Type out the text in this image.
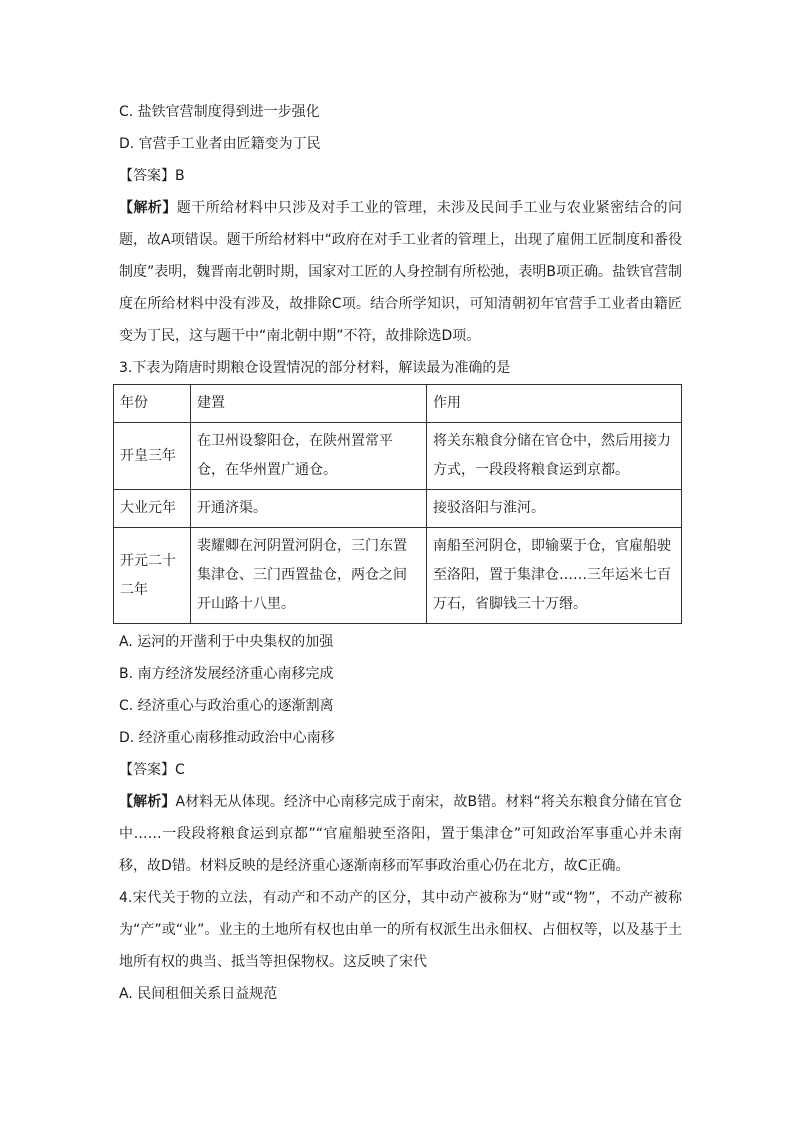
C. 盐铁官营制度得到进一步强化
D. 官营手工业者由匠籍变为丁民
【答案】B
【解析】题干所给材料中只涉及对手工业的管理，未涉及民间手工业与农业紧密结合的问题，故A项错误。题干所给材料中“政府在对手工业者的管理上，出现了雇佣工匠制度和番役制度”表明，魏晋南北朝时期，国家对工匠的人身控制有所松弛，表明B项正确。盐铁官营制度在所给材料中没有涉及，故排除C项。结合所学知识，可知清朝初年官营手工业者由籍匠变为丁民，这与题干中“南北朝中期”不符，故排除选D项。
3.下表为隋唐时期粮仓设置情况的部分材料，解读最为准确的是
年份	建置	作用
开皇三年	在卫州设黎阳仓，在陕州置常平仓，在华州置广通仓。	将关东粮食分储在官仓中，然后用接力方式，一段段将粮食运到京都。
大业元年	开通济渠。	接驳洛阳与淮河。
开元二十二年	裴耀卿在河阴置河阴仓，三门东置集津仓、三门西置盐仓，两仓之间开山路十八里。	南船至河阴仓，即输粟于仓，官雇船驶至洛阳，置于集津仓……三年运米七百万石，省脚钱三十万缗。
A. 运河的开凿利于中央集权的加强
B. 南方经济发展经济重心南移完成
C. 经济重心与政治重心的逐渐割离
D. 经济重心南移推动政治中心南移
【答案】C
【解析】A材料无从体现。经济中心南移完成于南宋，故B错。材料“将关东粮食分储在官仓中……一段段将粮食运到京都”“官雇船驶至洛阳，置于集津仓”可知政治军事重心并未南移，故D错。材料反映的是经济重心逐渐南移而军事政治重心仍在北方，故C正确。
4.宋代关于物的立法，有动产和不动产的区分，其中动产被称为“财”或“物”，不动产被称为“产”或“业”。业主的土地所有权也由单一的所有权派生出永佃权、占佃权等，以及基于土地所有权的典当、抵当等担保物权。这反映了宋代
A. 民间租佃关系日益规范
